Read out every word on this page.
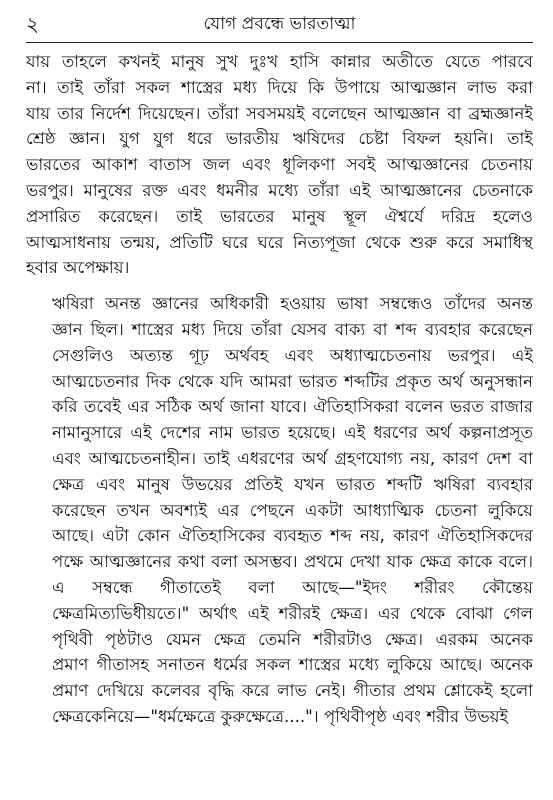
২	যোগ প্রবন্ধে ভারতাত্মা

যায় তাহলে কখনই মানুষ সুখ দুঃখ হাসি কান্নার অতীতে যেতে পারবে
না। তাই তাঁরা সকল শাস্ত্রের মধ্য দিয়ে কি উপায়ে আত্মজ্ঞান লাভ করা
যায় তার নির্দেশ দিয়েছেন। তাঁরা সবসময়ই বলেছেন আত্মজ্ঞান বা ব্রহ্মজ্ঞানই
শ্রেষ্ঠ জ্ঞান। যুগ যুগ ধরে ভারতীয় ঋষিদের চেষ্টা বিফল হয়নি। তাই
ভারতের আকাশ বাতাস জল এবং ধূলিকণা সবই আত্মজ্ঞানের চেতনায়
ভরপুর। মানুষের রক্ত এবং ধমনীর মধ্যে তাঁরা এই আত্মজ্ঞানের চেতনাকে
প্রসারিত করেছেন। তাই ভারতের মানুষ স্থূল ঐশ্বর্যে দরিদ্র হলেও
আত্মসাধনায় তন্ময়, প্রতিটি ঘরে ঘরে নিত্যপূজা থেকে শুরু করে সমাধিস্থ
হবার অপেক্ষায়।

ঋষিরা অনন্ত জ্ঞানের অধিকারী হওয়ায় ভাষা সম্বন্ধেও তাঁদের অনন্ত
জ্ঞান ছিল। শাস্ত্রের মধ্য দিয়ে তাঁরা যেসব বাক্য বা শব্দ ব্যবহার করেছেন
সেগুলিও অত্যন্ত গূঢ় অর্থবহ এবং অধ্যাত্মচেতনায় ভরপুর। এই
আত্মচেতনার দিক থেকে যদি আমরা ভারত শব্দটির প্রকৃত অর্থ অনুসন্ধান
করি তবেই এর সঠিক অর্থ জানা যাবে। ঐতিহাসিকরা বলেন ভরত রাজার
নামানুসারে এই দেশের নাম ভারত হয়েছে। এই ধরণের অর্থ কল্পনাপ্রসূত
এবং আত্মচেতনাহীন। তাই এধরণের অর্থ গ্রহণযোগ্য নয়, কারণ দেশ বা
ক্ষেত্র এবং মানুষ উভয়ের প্রতিই যখন ভারত শব্দটি ঋষিরা ব্যবহার
করেছেন তখন অবশ্যই এর পেছনে একটা আধ্যাত্মিক চেতনা লুকিয়ে
আছে। এটা কোন ঐতিহাসিকের ব্যবহৃত শব্দ নয়, কারণ ঐতিহাসিকদের
পক্ষে আত্মজ্ঞানের কথা বলা অসম্ভব। প্রথমে দেখা যাক ক্ষেত্র কাকে বলে।
এ সম্বন্ধে গীতাতেই বলা আছে—"ইদং শরীরং কৌন্তেয়
ক্ষেত্রমিত্যভিধীয়তে।" অর্থাৎ এই শরীরই ক্ষেত্র। এর থেকে বোঝা গেল
পৃথিবী পৃষ্ঠটাও যেমন ক্ষেত্র তেমনি শরীরটাও ক্ষেত্র। এরকম অনেক
প্রমাণ গীতাসহ সনাতন ধর্মের সকল শাস্ত্রের মধ্যে লুকিয়ে আছে। অনেক
প্রমাণ দেখিয়ে কলেবর বৃদ্ধি করে লাভ নেই। গীতার প্রথম শ্লোকেই হলো
ক্ষেত্রকেনিয়ে—"ধর্মক্ষেত্রে কুরুক্ষেত্রে...."। পৃথিবীপৃষ্ঠ এবং শরীর উভয়ই
